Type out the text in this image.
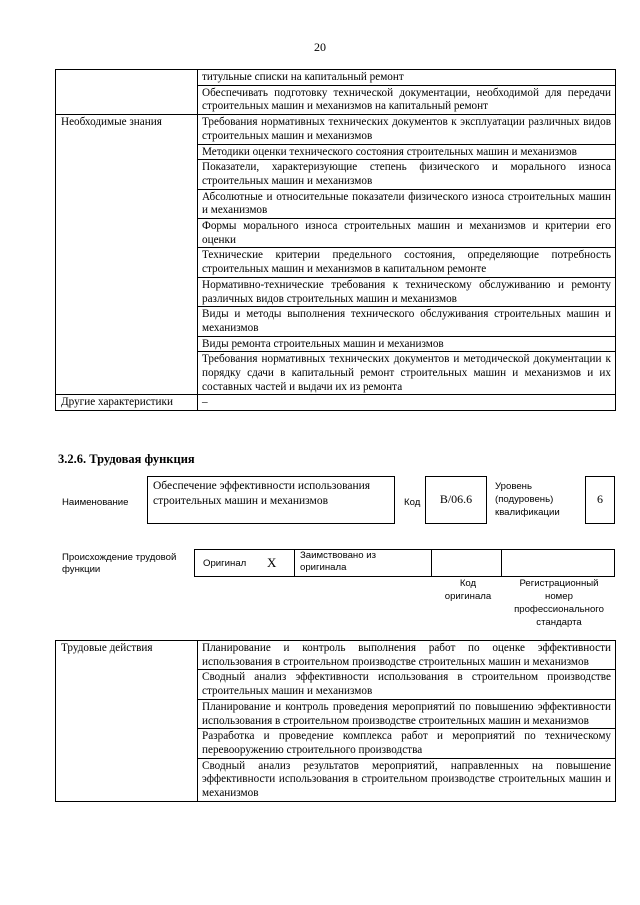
20
	титульные списки на капитальный ремонт
	Обеспечивать подготовку технической документации, необходимой для передачи строительных машин и механизмов на капитальный ремонт
Необходимые знания	Требования нормативных технических документов к эксплуатации различных видов строительных машин и механизмов
	Методики оценки технического состояния строительных машин и механизмов
	Показатели, характеризующие степень физического и морального износа строительных машин и механизмов
	Абсолютные и относительные показатели физического износа строительных машин и механизмов
	Формы морального износа строительных машин и механизмов и критерии его оценки
	Технические критерии предельного состояния, определяющие потребность строительных машин и механизмов в капитальном ремонте
	Нормативно-технические требования к техническому обслуживанию и ремонту различных видов строительных машин и механизмов
	Виды и методы выполнения технического обслуживания строительных машин и механизмов
	Виды ремонта строительных машин и механизмов
	Требования нормативных технических документов и методической документации к порядку сдачи в капитальный ремонт строительных машин и механизмов и их составных частей и выдачи их из ремонта
Другие характеристики	–
3.2.6. Трудовая функция
Наименование
Обеспечение эффективности использования строительных машин и механизмов	Код	B/06.6
Уровень (подуровень) квалификации
6
Происхождение трудовой функции
Оригинал X Заимствовано из оригинала
Код оригинала
Регистрационный номер профессионального стандарта
Трудовые действия	Планирование и контроль выполнения работ по оценке эффективности использования в строительном производстве строительных машин и механизмов
Сводный анализ эффективности использования в строительном производстве строительных машин и механизмов
Планирование и контроль проведения мероприятий по повышению эффективности использования в строительном производстве строительных машин и механизмов
Разработка и проведение комплекса работ и мероприятий по техническому перевооружению строительного производства
Сводный анализ результатов мероприятий, направленных на повышение эффективности использования в строительном производстве строительных машин и механизмов
